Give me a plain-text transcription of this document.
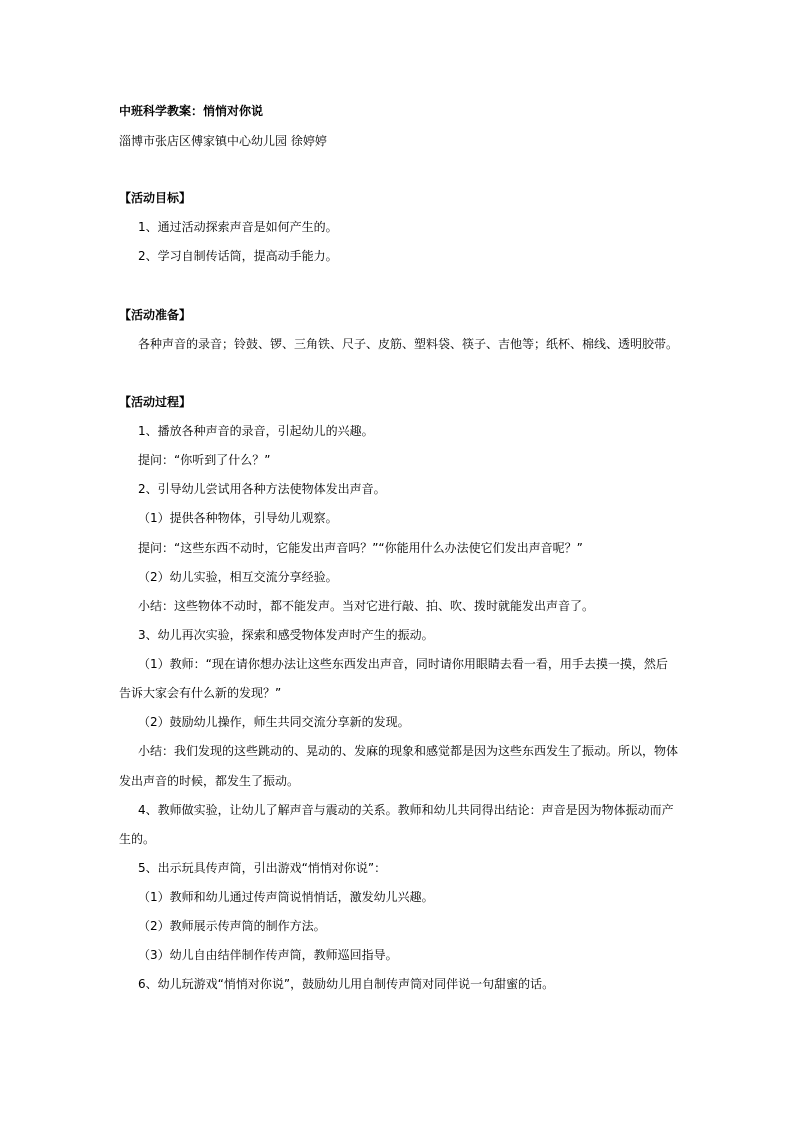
中班科学教案：悄悄对你说
淄博市张店区傅家镇中心幼儿园 徐婷婷
【活动目标】
1、通过活动探索声音是如何产生的。
2、学习自制传话筒，提高动手能力。
【活动准备】
各种声音的录音；铃鼓、锣、三角铁、尺子、皮筋、塑料袋、筷子、吉他等；纸杯、棉线、透明胶带。
【活动过程】
1、播放各种声音的录音，引起幼儿的兴趣。
提问：“你听到了什么？”
2、引导幼儿尝试用各种方法使物体发出声音。
（1）提供各种物体，引导幼儿观察。
提问：“这些东西不动时，它能发出声音吗？”“你能用什么办法使它们发出声音呢？”
（2）幼儿实验，相互交流分享经验。
小结：这些物体不动时，都不能发声。当对它进行敲、拍、吹、拨时就能发出声音了。
3、幼儿再次实验，探索和感受物体发声时产生的振动。
（1）教师：“现在请你想办法让这些东西发出声音，同时请你用眼睛去看一看，用手去摸一摸，然后
告诉大家会有什么新的发现？”
（2）鼓励幼儿操作，师生共同交流分享新的发现。
小结：我们发现的这些跳动的、晃动的、发麻的现象和感觉都是因为这些东西发生了振动。所以，物体
发出声音的时候，都发生了振动。
4、教师做实验，让幼儿了解声音与震动的关系。教师和幼儿共同得出结论：声音是因为物体振动而产
生的。
5、出示玩具传声筒，引出游戏“悄悄对你说”：
（1）教师和幼儿通过传声筒说悄悄话，激发幼儿兴趣。
（2）教师展示传声筒的制作方法。
（3）幼儿自由结伴制作传声筒，教师巡回指导。
6、幼儿玩游戏“悄悄对你说”，鼓励幼儿用自制传声筒对同伴说一句甜蜜的话。
